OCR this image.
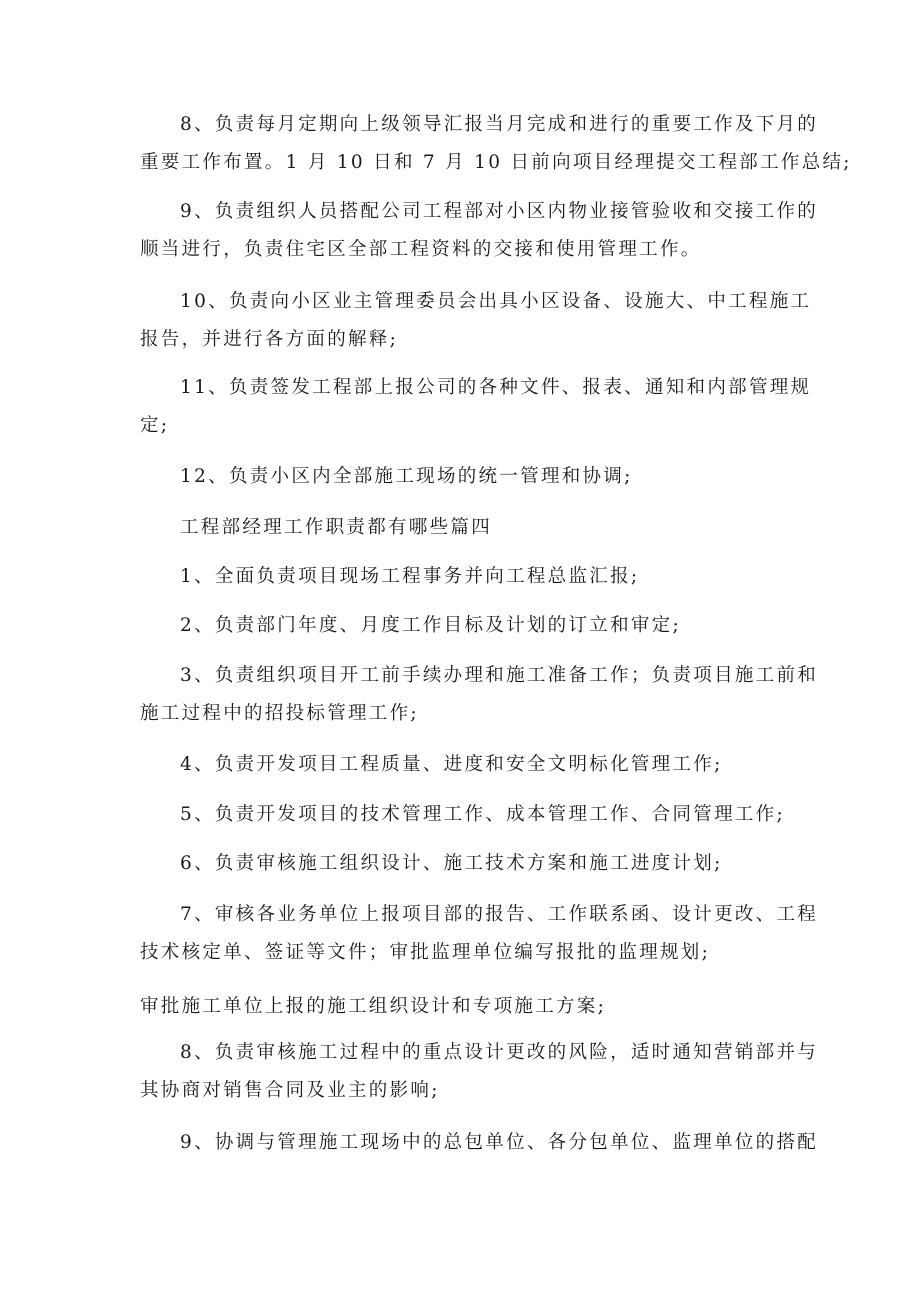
8、负责每月定期向上级领导汇报当月完成和进行的重要工作及下月的
重要工作布置。1 月 10 日和 7 月 10 日前向项目经理提交工程部工作总结;
9、负责组织人员搭配公司工程部对小区内物业接管验收和交接工作的
顺当进行，负责住宅区全部工程资料的交接和使用管理工作。
10、负责向小区业主管理委员会出具小区设备、设施大、中工程施工
报告，并进行各方面的解释;
11、负责签发工程部上报公司的各种文件、报表、通知和内部管理规
定;
12、负责小区内全部施工现场的统一管理和协调;
工程部经理工作职责都有哪些篇四
1、全面负责项目现场工程事务并向工程总监汇报;
2、负责部门年度、月度工作目标及计划的订立和审定;
3、负责组织项目开工前手续办理和施工准备工作；负责项目施工前和
施工过程中的招投标管理工作;
4、负责开发项目工程质量、进度和安全文明标化管理工作;
5、负责开发项目的技术管理工作、成本管理工作、合同管理工作;
6、负责审核施工组织设计、施工技术方案和施工进度计划;
7、审核各业务单位上报项目部的报告、工作联系函、设计更改、工程
技术核定单、签证等文件；审批监理单位编写报批的监理规划;
审批施工单位上报的施工组织设计和专项施工方案;
8、负责审核施工过程中的重点设计更改的风险，适时通知营销部并与
其协商对销售合同及业主的影响;
9、协调与管理施工现场中的总包单位、各分包单位、监理单位的搭配
